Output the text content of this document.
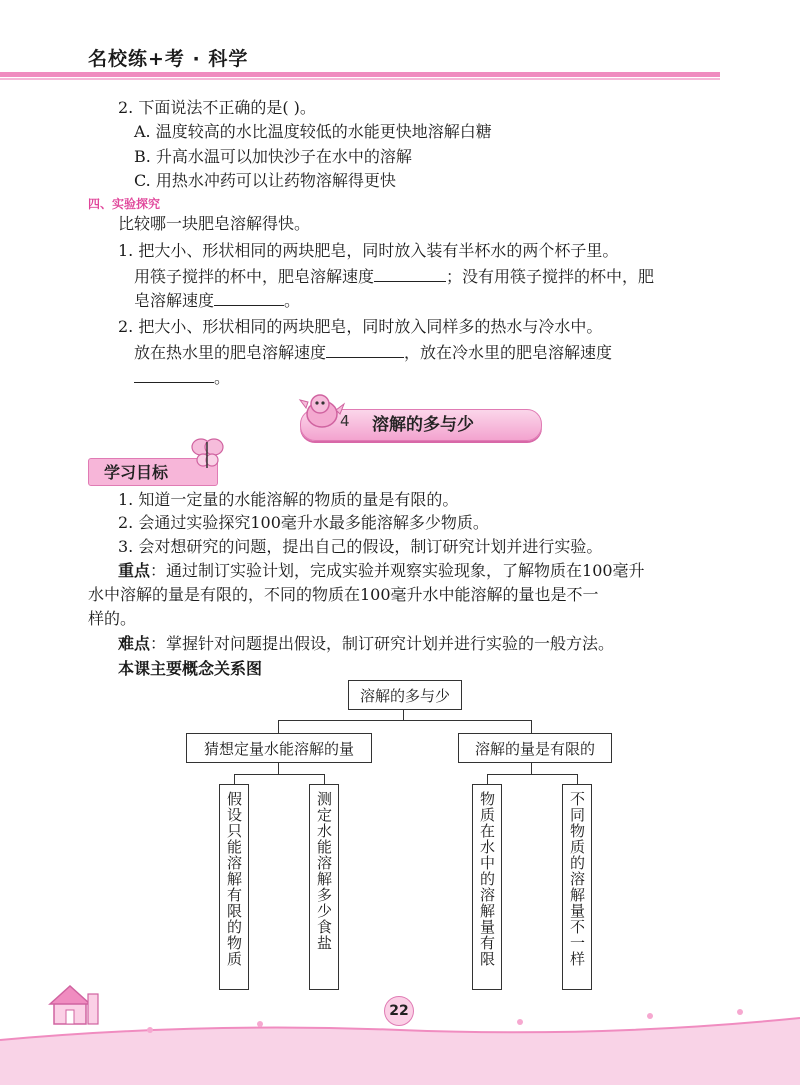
名校练+考 · 科学
2. 下面说法不正确的是( )。
A. 温度较高的水比温度较低的水能更快地溶解白糖
B. 升高水温可以加快沙子在水中的溶解
C. 用热水冲药可以让药物溶解得更快
四、实验探究
比较哪一块肥皂溶解得快。
1. 把大小、形状相同的两块肥皂，同时放入装有半杯水的两个杯子里。
用筷子搅拌的杯中，肥皂溶解速度	；没有用筷子搅拌的杯中，肥
皂溶解速度	。
2. 把大小、形状相同的两块肥皂，同时放入同样多的热水与冷水中。
放在热水里的肥皂溶解速度	，放在冷水里的肥皂溶解速度
。
4 溶解的多与少
学习目标
1. 知道一定量的水能溶解的物质的量是有限的。
2. 会通过实验探究100毫升水最多能溶解多少物质。
3. 会对想研究的问题，提出自己的假设，制订研究计划并进行实验。
重点：通过制订实验计划，完成实验并观察实验现象，了解物质在100毫升
水中溶解的量是有限的，不同的物质在100毫升水中能溶解的量也是不一
样的。
难点：掌握针对问题提出假设，制订研究计划并进行实验的一般方法。
本课主要概念关系图
溶解的多与少
猜想定量水能溶解的量	溶解的量是有限的
假设只能溶解有限的物质	测定水能溶解多少食盐	物质在水中的溶解量有限	不同物质的溶解量不一样
22
